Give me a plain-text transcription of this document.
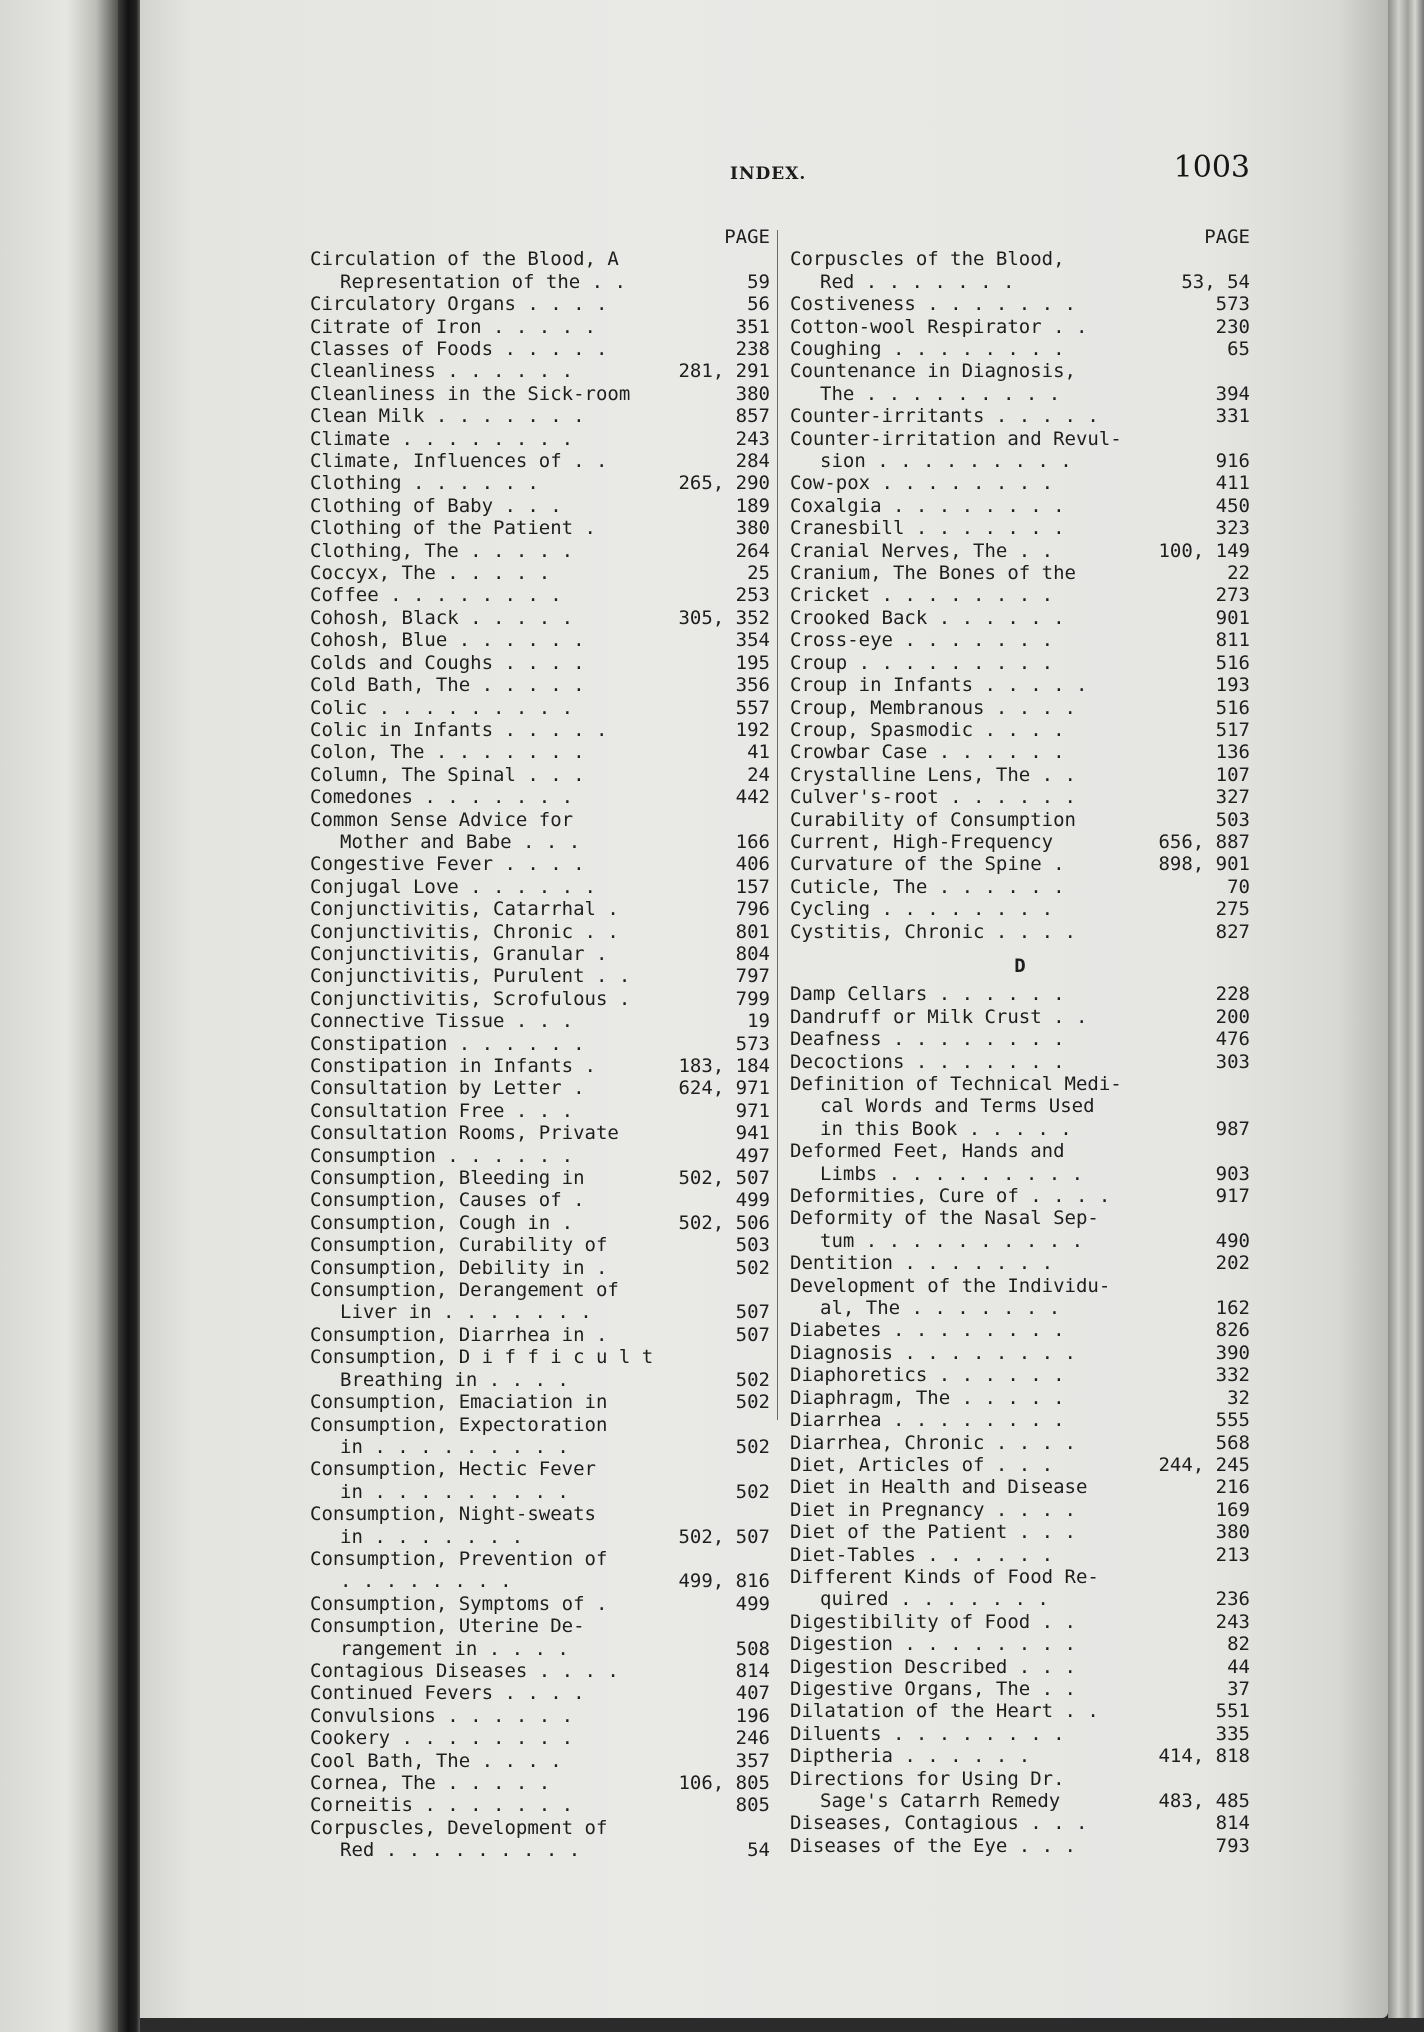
INDEX.	1003
PAGE
Circulation of the Blood, A
Representation of the . .	59
Circulatory Organs . . . .	56
Citrate of Iron . . . . .	351
Classes of Foods . . . . .	238
Cleanliness . . . . . .	281, 291
Cleanliness in the Sick-room	380
Clean Milk . . . . . . .	857
Climate . . . . . . . .	243
Climate, Influences of . .	284
Clothing . . . . . .	265, 290
Clothing of Baby . . .	189
Clothing of the Patient .	380
Clothing, The . . . . .	264
Coccyx, The . . . . .	25
Coffee . . . . . . . .	253
Cohosh, Black . . . . .	305, 352
Cohosh, Blue . . . . . .	354
Colds and Coughs . . . .	195
Cold Bath, The . . . . .	356
Colic . . . . . . . . .	557
Colic in Infants . . . . .	192
Colon, The . . . . . . .	41
Column, The Spinal . . .	24
Comedones . . . . . . .	442
Common Sense Advice for
Mother and Babe . . .	166
Congestive Fever . . . .	406
Conjugal Love . . . . . .	157
Conjunctivitis, Catarrhal .	796
Conjunctivitis, Chronic . .	801
Conjunctivitis, Granular .	804
Conjunctivitis, Purulent . .	797
Conjunctivitis, Scrofulous .	799
Connective Tissue . . .	19
Constipation . . . . . .	573
Constipation in Infants .	183, 184
Consultation by Letter .	624, 971
Consultation Free . . .	971
Consultation Rooms, Private	941
Consumption . . . . . .	497
Consumption, Bleeding in	502, 507
Consumption, Causes of .	499
Consumption, Cough in .	502, 506
Consumption, Curability of	503
Consumption, Debility in .	502
Consumption, Derangement of
Liver in . . . . . . .	507
Consumption, Diarrhea in .	507
Consumption, D i f f i c u l t
Breathing in . . . .	502
Consumption, Emaciation in	502
Consumption, Expectoration
in . . . . . . . . .	502
Consumption, Hectic Fever
in . . . . . . . . .	502
Consumption, Night-sweats
in . . . . . . .	502, 507
Consumption, Prevention of
. . . . . . . .	499, 816
Consumption, Symptoms of .	499
Consumption, Uterine De-
rangement in . . . .	508
Contagious Diseases . . . .	814
Continued Fevers . . . .	407
Convulsions . . . . . .	196
Cookery . . . . . . . .	246
Cool Bath, The . . . .	357
Cornea, The . . . . .	106, 805
Corneitis . . . . . . .	805
Corpuscles, Development of
Red . . . . . . . . .	54
PAGE
Corpuscles of the Blood,
Red . . . . . . .	53, 54
Costiveness . . . . . . .	573
Cotton-wool Respirator . .	230
Coughing . . . . . . . .	65
Countenance in Diagnosis,
The . . . . . . . . .	394
Counter-irritants . . . . .	331
Counter-irritation and Revul-
sion . . . . . . . . .	916
Cow-pox . . . . . . . .	411
Coxalgia . . . . . . . .	450
Cranesbill . . . . . . .	323
Cranial Nerves, The . .	100, 149
Cranium, The Bones of the	22
Cricket . . . . . . . .	273
Crooked Back . . . . . .	901
Cross-eye . . . . . . .	811
Croup . . . . . . . . .	516
Croup in Infants . . . . .	193
Croup, Membranous . . . .	516
Croup, Spasmodic . . . .	517
Crowbar Case . . . . . .	136
Crystalline Lens, The . .	107
Culver's-root . . . . . .	327
Curability of Consumption	503
Current, High-Frequency	656, 887
Curvature of the Spine .	898, 901
Cuticle, The . . . . . .	70
Cycling . . . . . . . .	275
Cystitis, Chronic . . . .	827
D
Damp Cellars . . . . . .	228
Dandruff or Milk Crust . .	200
Deafness . . . . . . . .	476
Decoctions . . . . . . .	303
Definition of Technical Medi-
cal Words and Terms Used
in this Book . . . . .	987
Deformed Feet, Hands and
Limbs . . . . . . . . .	903
Deformities, Cure of . . . .	917
Deformity of the Nasal Sep-
tum . . . . . . . . . .	490
Dentition . . . . . . .	202
Development of the Individu-
al, The . . . . . . .	162
Diabetes . . . . . . . .	826
Diagnosis . . . . . . . .	390
Diaphoretics . . . . . .	332
Diaphragm, The . . . . .	32
Diarrhea . . . . . . . .	555
Diarrhea, Chronic . . . .	568
Diet, Articles of . . .	244, 245
Diet in Health and Disease	216
Diet in Pregnancy . . . .	169
Diet of the Patient . . .	380
Diet-Tables . . . . . .	213
Different Kinds of Food Re-
quired . . . . . . .	236
Digestibility of Food . .	243
Digestion . . . . . . . .	82
Digestion Described . . .	44
Digestive Organs, The . .	37
Dilatation of the Heart . .	551
Diluents . . . . . . . .	335
Diptheria . . . . . .	414, 818
Directions for Using Dr.
Sage's Catarrh Remedy	483, 485
Diseases, Contagious . . .	814
Diseases of the Eye . . .	793
